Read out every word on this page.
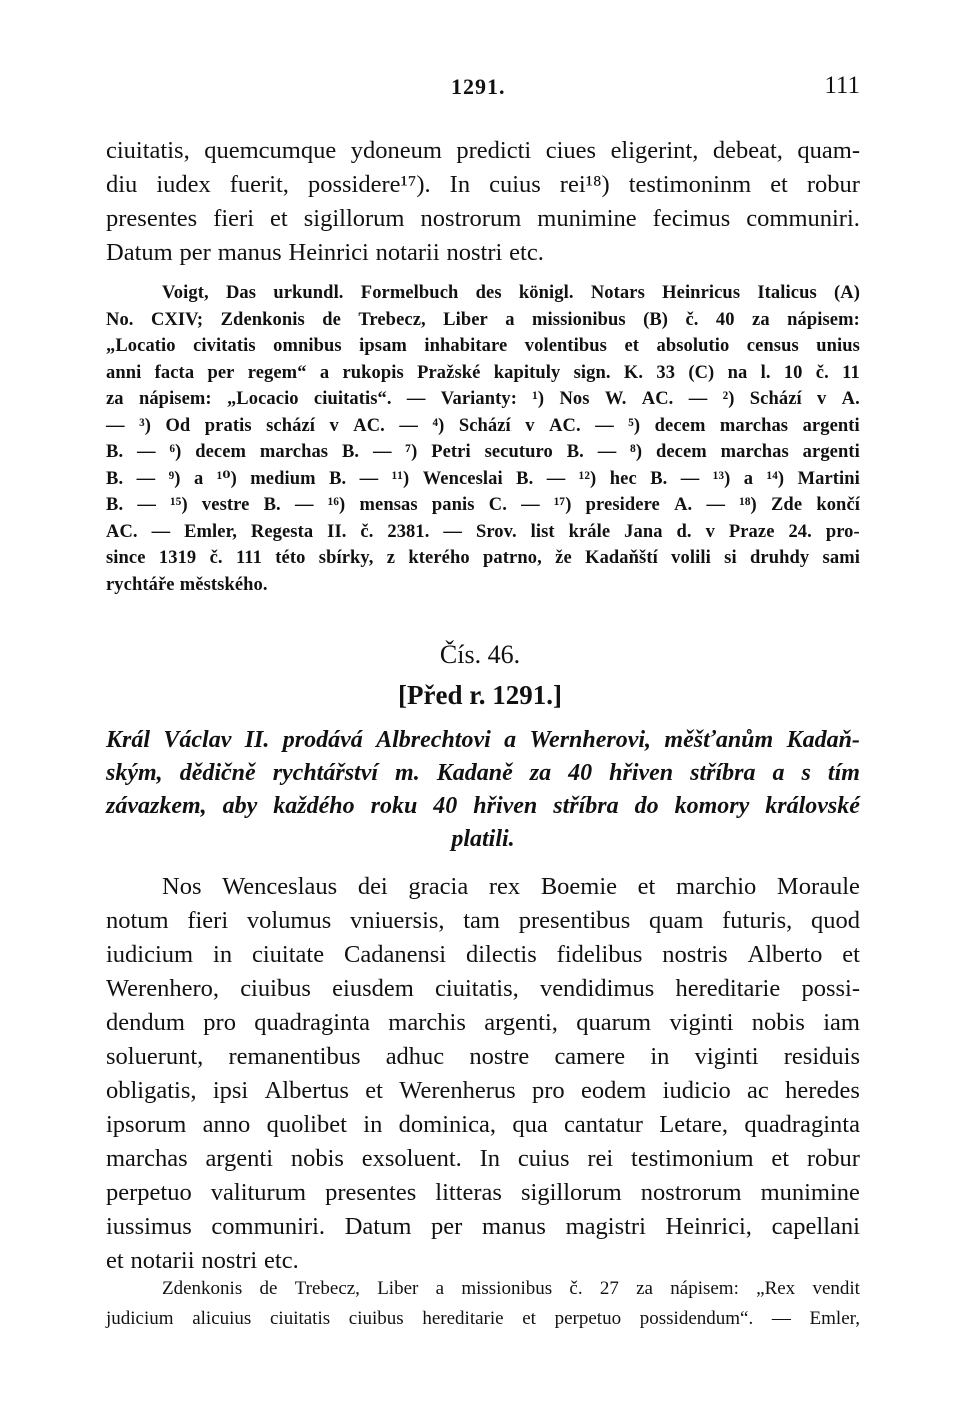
1291.	111
ciuitatis, quemcumque ydoneum predicti ciues eligerint, debeat, quam-
diu iudex fuerit, possidere¹⁷). In cuius rei¹⁸) testimoninm et robur
presentes fieri et sigillorum nostrorum munimine fecimus communiri.
Datum per manus Heinrici notarii nostri etc.
Voigt, Das urkundl. Formelbuch des königl. Notars Heinricus Italicus (A)
No. CXIV; Zdenkonis de Trebecz, Liber a missionibus (B) č. 40 za nápisem:
„Locatio civitatis omnibus ipsam inhabitare volentibus et absolutio census unius
anni facta per regem“ a rukopis Pražské kapituly sign. K. 33 (C) na l. 10 č. 11
za nápisem: „Locacio ciuitatis“. — Varianty: ¹) Nos W. AC. — ²) Schází v A.
— ³) Od pratis schází v AC. — ⁴) Schází v AC. — ⁵) decem marchas argenti
B. — ⁶) decem marchas B. — ⁷) Petri secuturo B. — ⁸) decem marchas argenti
B. — ⁹) a ¹⁰) medium B. — ¹¹) Wenceslai B. — ¹²) hec B. — ¹³) a ¹⁴) Martini
B. — ¹⁵) vestre B. — ¹⁶) mensas panis C. — ¹⁷) presidere A. — ¹⁸) Zde končí
AC. — Emler, Regesta II. č. 2381. — Srov. list krále Jana d. v Praze 24. pro-
since 1319 č. 111 této sbírky, z kterého patrno, že Kadaňští volili si druhdy sami
rychtáře městského.
Čís. 46.
[Před r. 1291.]
Král Václav II. prodává Albrechtovi a Wernherovi, měšťanům Kadaň-
ským, dědičně rychtářství m. Kadaně za 40 hřiven stříbra a s tím
závazkem, aby každého roku 40 hřiven stříbra do komory královské
platili.
Nos Wenceslaus dei gracia rex Boemie et marchio Moraule
notum fieri volumus vniuersis, tam presentibus quam futuris, quod
iudicium in ciuitate Cadanensi dilectis fidelibus nostris Alberto et
Werenhero, ciuibus eiusdem ciuitatis, vendidimus hereditarie possi-
dendum pro quadraginta marchis argenti, quarum viginti nobis iam
soluerunt, remanentibus adhuc nostre camere in viginti residuis
obligatis, ipsi Albertus et Werenherus pro eodem iudicio ac heredes
ipsorum anno quolibet in dominica, qua cantatur Letare, quadraginta
marchas argenti nobis exsoluent. In cuius rei testimonium et robur
perpetuo valiturum presentes litteras sigillorum nostrorum munimine
iussimus communiri. Datum per manus magistri Heinrici, capellani
et notarii nostri etc.
Zdenkonis de Trebecz, Liber a missionibus č. 27 za nápisem: „Rex vendit
judicium alicuius ciuitatis ciuibus hereditarie et perpetuo possidendum“. — Emler,
